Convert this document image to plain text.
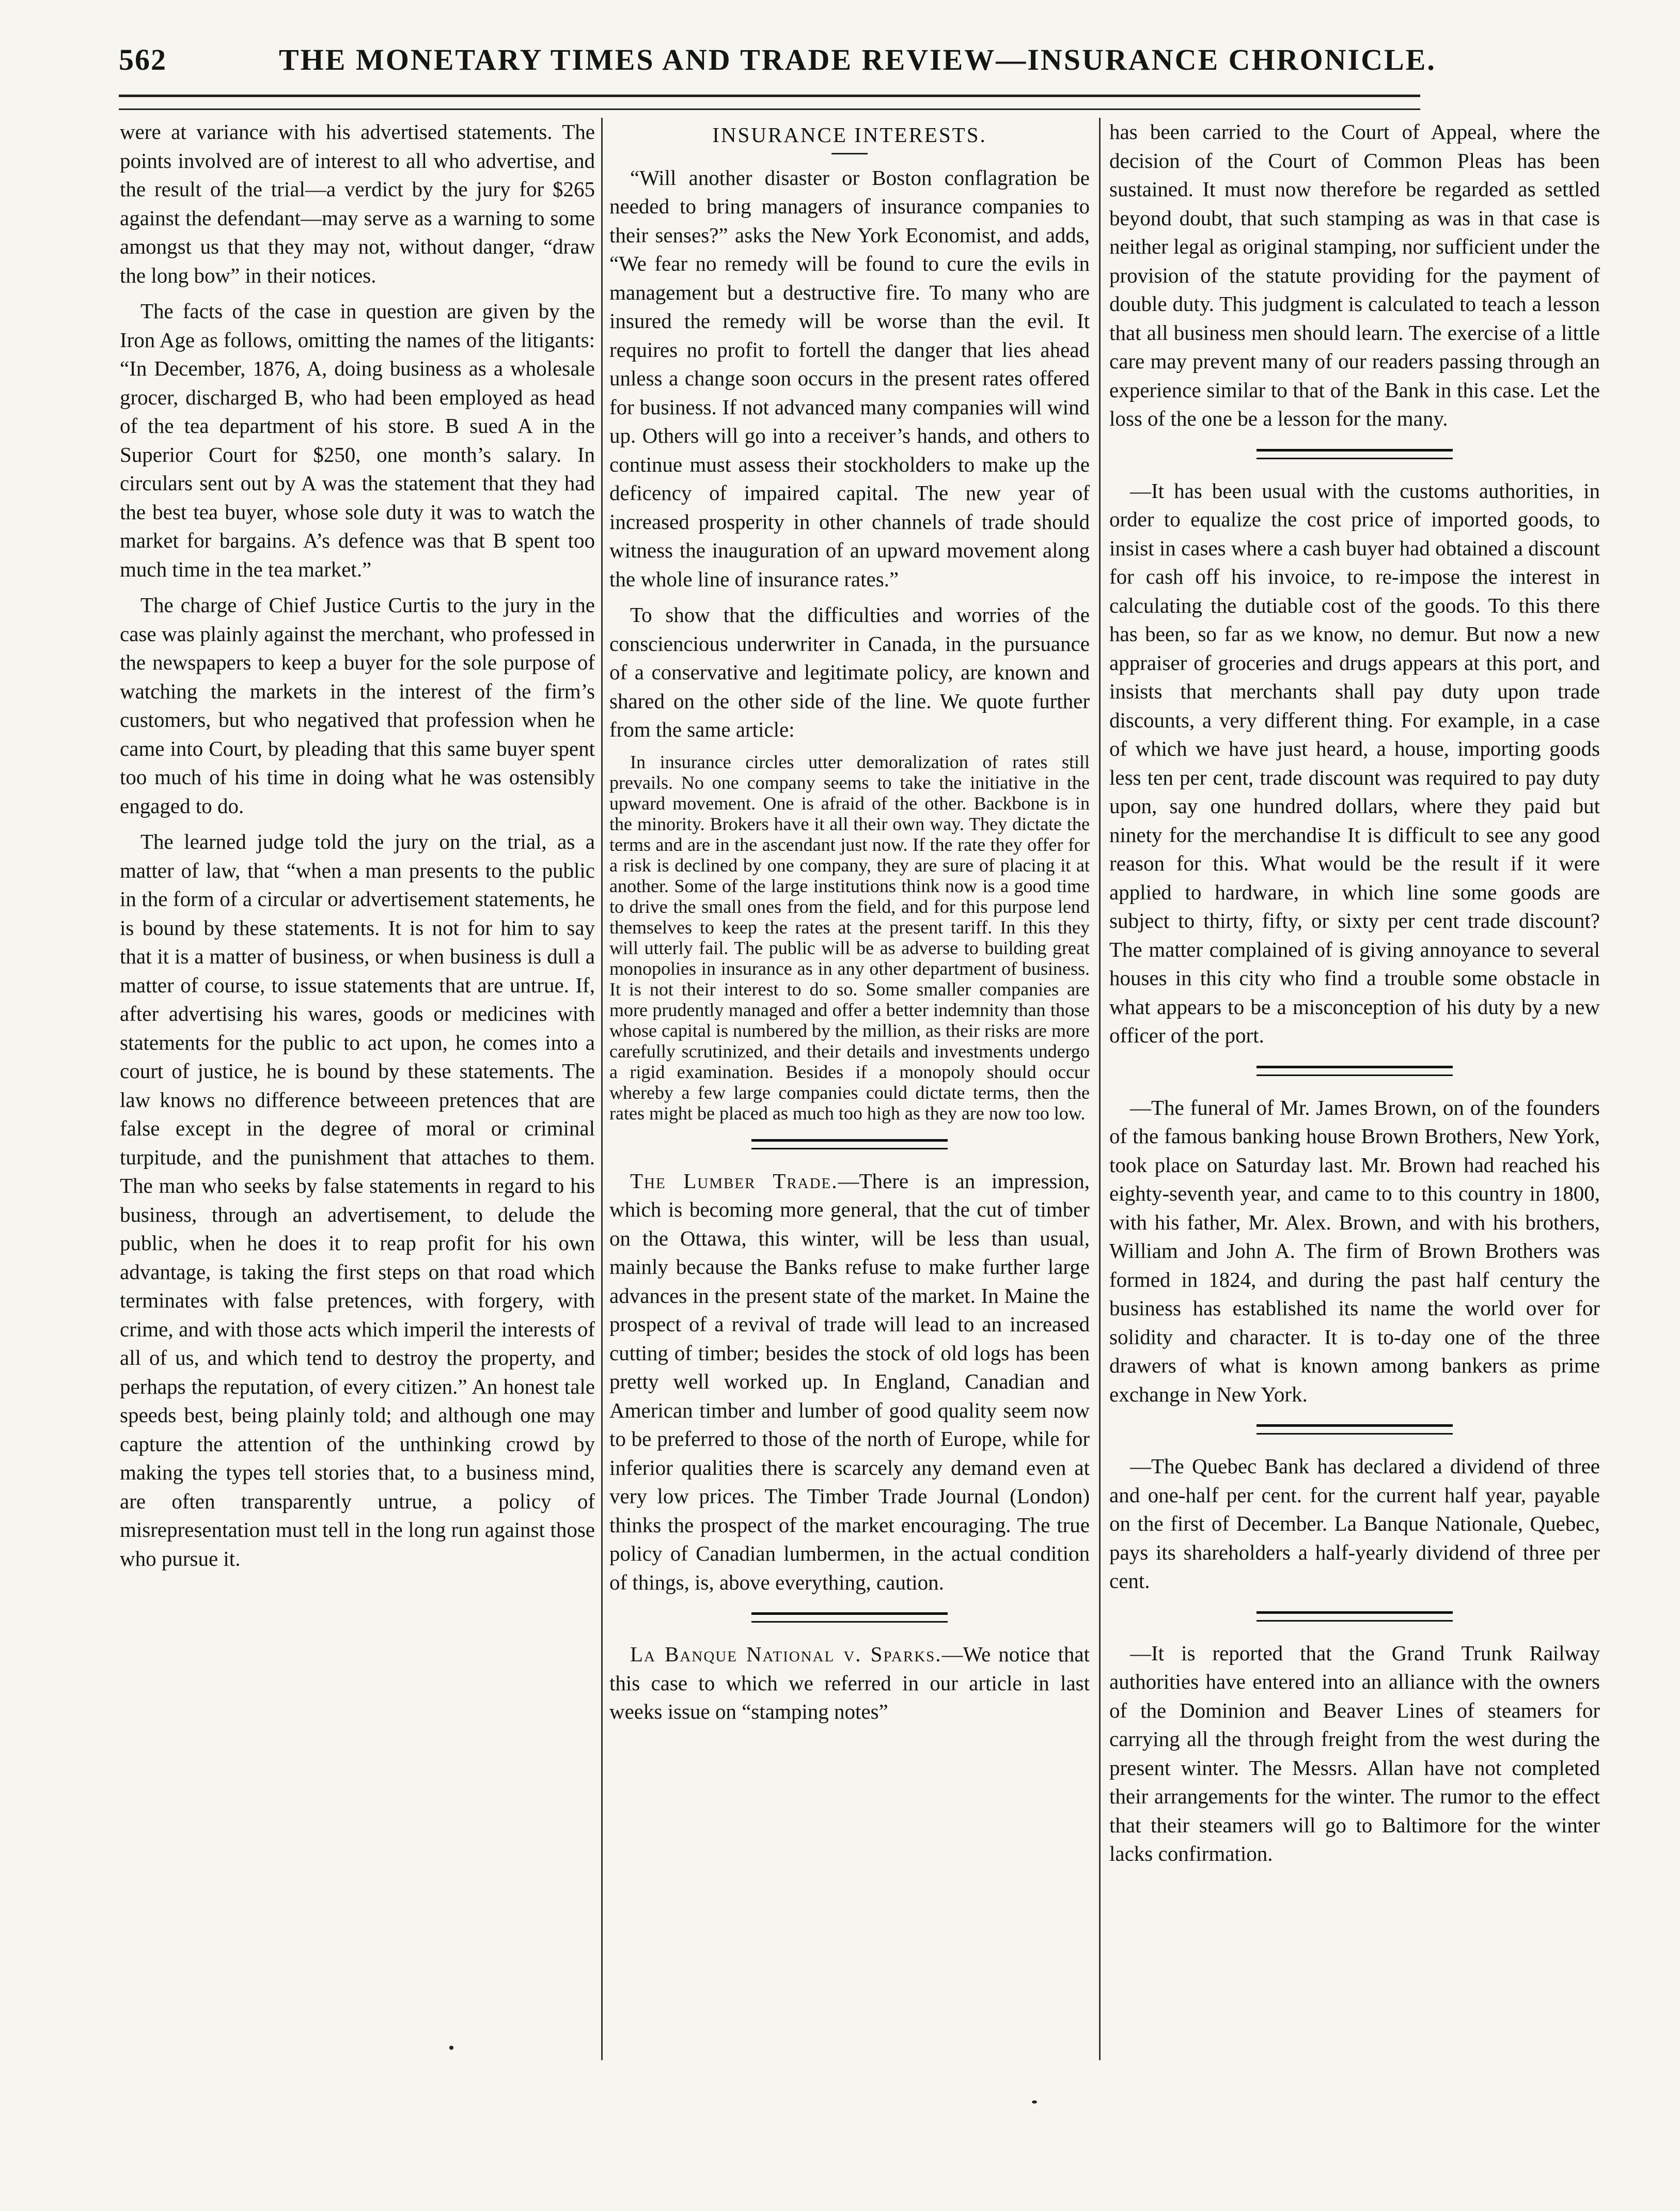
562	THE MONETARY TIMES AND TRADE REVIEW—INSURANCE CHRONICLE.

were at variance with his advertised statements. The points involved are of interest to all who advertise, and the result of the trial—a verdict by the jury for $265 against the defendant—may serve as a warning to some amongst us that they may not, without danger, “draw the long bow” in their notices.

The facts of the case in question are given by the Iron Age as follows, omitting the names of the litigants: “In December, 1876, A, doing business as a wholesale grocer, discharged B, who had been employed as head of the tea department of his store. B sued A in the Superior Court for $250, one month’s salary. In circulars sent out by A was the statement that they had the best tea buyer, whose sole duty it was to watch the market for bargains. A’s defence was that B spent too much time in the tea market.”

The charge of Chief Justice Curtis to the jury in the case was plainly against the merchant, who professed in the newspapers to keep a buyer for the sole purpose of watching the markets in the interest of the firm’s customers, but who negatived that profession when he came into Court, by pleading that this same buyer spent too much of his time in doing what he was ostensibly engaged to do.

The learned judge told the jury on the trial, as a matter of law, that “when a man presents to the public in the form of a circular or advertisement statements, he is bound by these statements. It is not for him to say that it is a matter of business, or when business is dull a matter of course, to issue statements that are untrue. If, after advertising his wares, goods or medicines with statements for the public to act upon, he comes into a court of justice, he is bound by these statements. The law knows no difference betweeen pretences that are false except in the degree of moral or criminal turpitude, and the punishment that attaches to them. The man who seeks by false statements in regard to his business, through an advertisement, to delude the public, when he does it to reap profit for his own advantage, is taking the first steps on that road which terminates with false pretences, with forgery, with crime, and with those acts which imperil the interests of all of us, and which tend to destroy the property, and perhaps the reputation, of every citizen.” An honest tale speeds best, being plainly told; and although one may capture the attention of the unthinking crowd by making the types tell stories that, to a business mind, are often transparently untrue, a policy of misrepresentation must tell in the long run against those who pursue it.

INSURANCE INTERESTS.

“Will another disaster or Boston conflagration be needed to bring managers of insurance companies to their senses?” asks the New York Economist, and adds, “We fear no remedy will be found to cure the evils in management but a destructive fire. To many who are insured the remedy will be worse than the evil. It requires no profit to fortell the danger that lies ahead unless a change soon occurs in the present rates offered for business. If not advanced many companies will wind up. Others will go into a receiver’s hands, and others to continue must assess their stockholders to make up the deficency of impaired capital. The new year of increased prosperity in other channels of trade should witness the inauguration of an upward movement along the whole line of insurance rates.”

To show that the difficulties and worries of the consciencious underwriter in Canada, in the pursuance of a conservative and legitimate policy, are known and shared on the other side of the line. We quote further from the same article:

In insurance circles utter demoralization of rates still prevails. No one company seems to take the initiative in the upward movement. One is afraid of the other. Backbone is in the minority. Brokers have it all their own way. They dictate the terms and are in the ascendant just now. If the rate they offer for a risk is declined by one company, they are sure of placing it at another. Some of the large institutions think now is a good time to drive the small ones from the field, and for this purpose lend themselves to keep the rates at the present tariff. In this they will utterly fail. The public will be as adverse to building great monopolies in insurance as in any other department of business. It is not their interest to do so. Some smaller companies are more prudently managed and offer a better indemnity than those whose capital is numbered by the million, as their risks are more carefully scrutinized, and their details and investments undergo a rigid examination. Besides if a monopoly should occur whereby a few large companies could dictate terms, then the rates might be placed as much too high as they are now too low.

The Lumber Trade.—There is an impression, which is becoming more general, that the cut of timber on the Ottawa, this winter, will be less than usual, mainly because the Banks refuse to make further large advances in the present state of the market. In Maine the prospect of a revival of trade will lead to an increased cutting of timber; besides the stock of old logs has been pretty well worked up. In England, Canadian and American timber and lumber of good quality seem now to be preferred to those of the north of Europe, while for inferior qualities there is scarcely any demand even at very low prices. The Timber Trade Journal (London) thinks the prospect of the market encouraging. The true policy of Canadian lumbermen, in the actual condition of things, is, above everything, caution.

La Banque National v. Sparks.—We notice that this case to which we referred in our article in last weeks issue on “stamping notes”

has been carried to the Court of Appeal, where the decision of the Court of Common Pleas has been sustained. It must now therefore be regarded as settled beyond doubt, that such stamping as was in that case is neither legal as original stamping, nor sufficient under the provision of the statute providing for the payment of double duty. This judgment is calculated to teach a lesson that all business men should learn. The exercise of a little care may prevent many of our readers passing through an experience similar to that of the Bank in this case. Let the loss of the one be a lesson for the many.

—It has been usual with the customs authorities, in order to equalize the cost price of imported goods, to insist in cases where a cash buyer had obtained a discount for cash off his invoice, to re-impose the interest in calculating the dutiable cost of the goods. To this there has been, so far as we know, no demur. But now a new appraiser of groceries and drugs appears at this port, and insists that merchants shall pay duty upon trade discounts, a very different thing. For example, in a case of which we have just heard, a house, importing goods less ten per cent, trade discount was required to pay duty upon, say one hundred dollars, where they paid but ninety for the merchandise It is difficult to see any good reason for this. What would be the result if it were applied to hardware, in which line some goods are subject to thirty, fifty, or sixty per cent trade discount? The matter complained of is giving annoyance to several houses in this city who find a trouble some obstacle in what appears to be a misconception of his duty by a new officer of the port.

—The funeral of Mr. James Brown, on of the founders of the famous banking house Brown Brothers, New York, took place on Saturday last. Mr. Brown had reached his eighty-seventh year, and came to to this country in 1800, with his father, Mr. Alex. Brown, and with his brothers, William and John A. The firm of Brown Brothers was formed in 1824, and during the past half century the business has established its name the world over for solidity and character. It is to-day one of the three drawers of what is known among bankers as prime exchange in New York.

—The Quebec Bank has declared a dividend of three and one-half per cent. for the current half year, payable on the first of December. La Banque Nationale, Quebec, pays its shareholders a half-yearly dividend of three per cent.

—It is reported that the Grand Trunk Railway authorities have entered into an alliance with the owners of the Dominion and Beaver Lines of steamers for carrying all the through freight from the west during the present winter. The Messrs. Allan have not completed their arrangements for the winter. The rumor to the effect that their steamers will go to Baltimore for the winter lacks confirmation.
